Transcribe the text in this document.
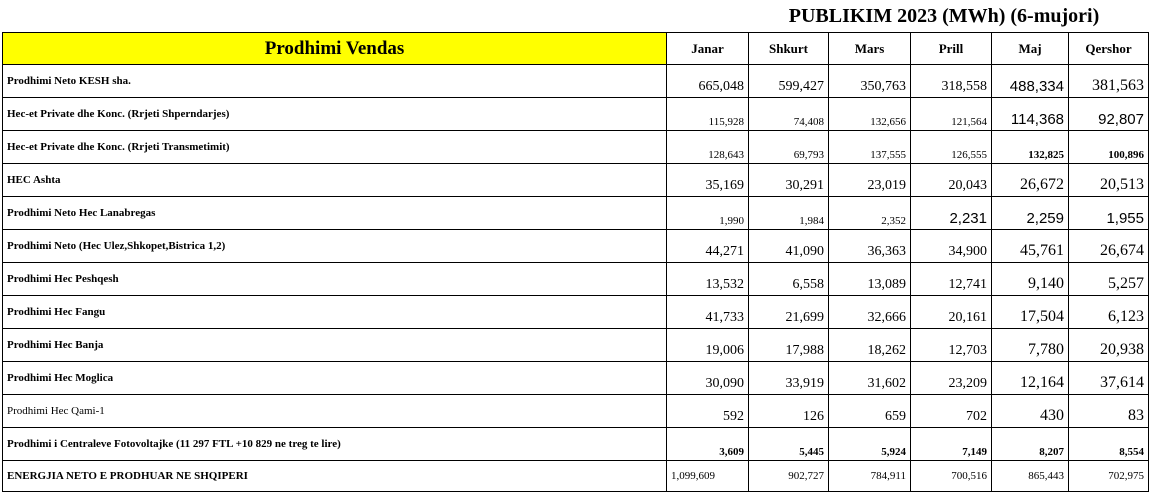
PUBLIKIM 2023 (MWh) (6-mujori)
Prodhimi Vendas	Janar	Shkurt	Mars	Prill	Maj	Qershor
Prodhimi Neto KESH sha.	665,048	599,427	350,763	318,558	488,334	381,563
Hec-et Private dhe Konc. (Rrjeti Shperndarjes)	115,928	74,408	132,656	121,564	114,368	92,807
Hec-et Private dhe Konc. (Rrjeti Transmetimit)	128,643	69,793	137,555	126,555	132,825	100,896
HEC Ashta	35,169	30,291	23,019	20,043	26,672	20,513
Prodhimi Neto Hec Lanabregas	1,990	1,984	2,352	2,231	2,259	1,955
Prodhimi Neto (Hec Ulez,Shkopet,Bistrica 1,2)	44,271	41,090	36,363	34,900	45,761	26,674
Prodhimi Hec Peshqesh	13,532	6,558	13,089	12,741	9,140	5,257
Prodhimi Hec Fangu	41,733	21,699	32,666	20,161	17,504	6,123
Prodhimi Hec Banja	19,006	17,988	18,262	12,703	7,780	20,938
Prodhimi Hec Moglica	30,090	33,919	31,602	23,209	12,164	37,614
Prodhimi Hec Qami-1	592	126	659	702	430	83
Prodhimi i Centraleve Fotovoltajke (11 297 FTL +10 829 ne treg te lire)	3,609	5,445	5,924	7,149	8,207	8,554
ENERGJIA NETO E PRODHUAR NE SHQIPERI	1,099,609	902,727	784,911	700,516	865,443	702,975
